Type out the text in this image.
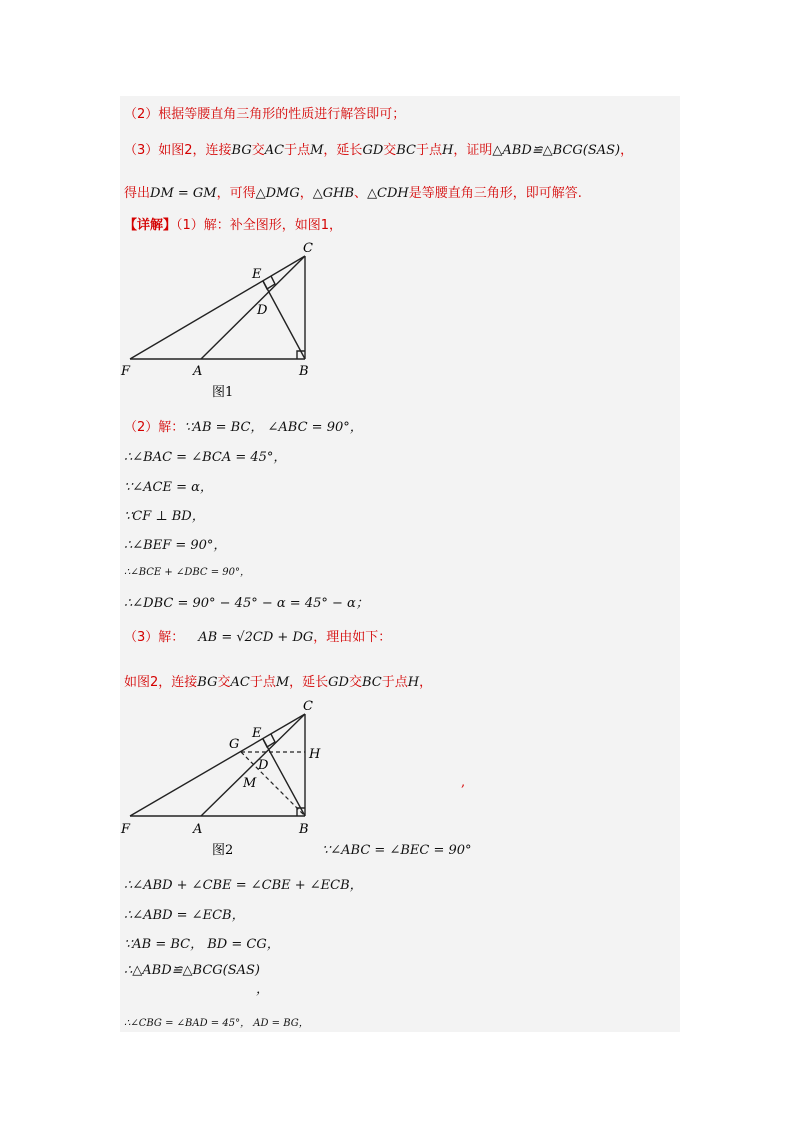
（2）根据等腰直角三角形的性质进行解答即可；
（3）如图2，连接BG交AC于点M，延长GD交BC于点H，证明△ABD≌△BCG(SAS)，
得出DM = GM，可得△DMG，△GHB、△CDH是等腰直角三角形，即可解答.
【详解】（1）解：补全图形，如图1，
C
E
D
F	A	B
图1
（2）解：∵AB = BC， ∠ABC = 90°，
∴∠BAC = ∠BCA = 45°，
∵∠ACE = α，
∵CF ⊥ BD，
∴∠BEF = 90°，
∴∠BCE + ∠DBC = 90°，
∴∠DBC = 90° − 45° − α = 45° − α；
（3）解： AB = √2CD + DG，理由如下：
如图2，连接BG交AC于点M，延长GD交BC于点H，
C
E
G
H
D
M
F	A	B
图2
,
∵∠ABC = ∠BEC = 90°
∴∠ABD + ∠CBE = ∠CBE + ∠ECB，
∴∠ABD = ∠ECB，
∵AB = BC， BD = CG，
∴△ABD≌△BCG(SAS)
，
∴∠CBG = ∠BAD = 45°， AD = BG，
